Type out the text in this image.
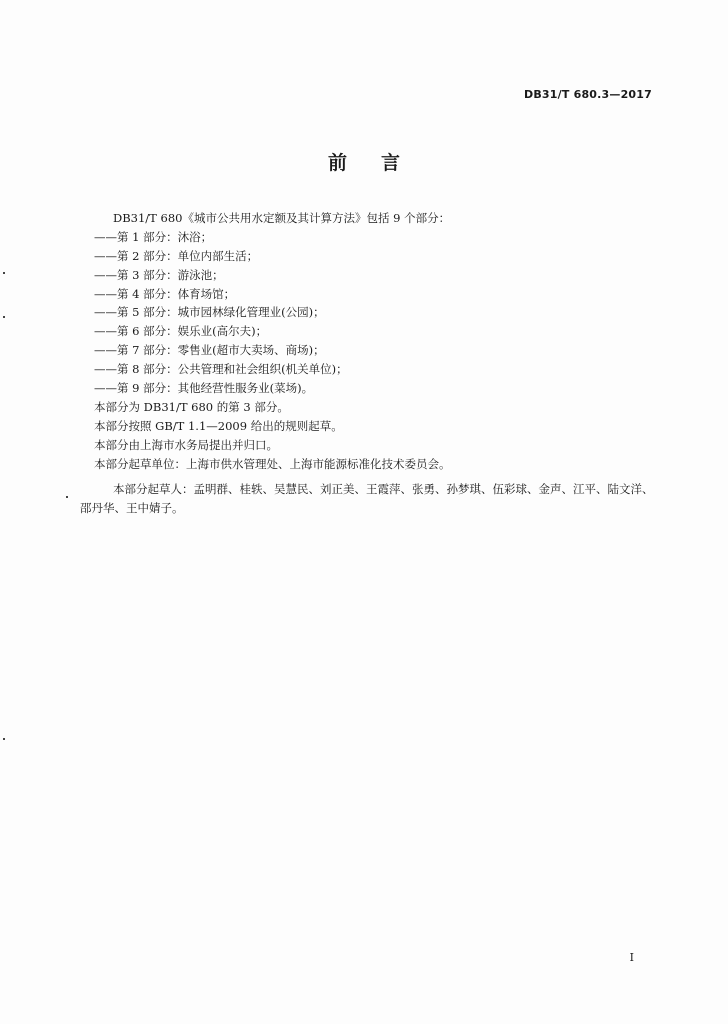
DB31/T 680.3—2017
前 言
DB31/T 680《城市公共用水定额及其计算方法》包括 9 个部分：
——第 1 部分：沐浴；
——第 2 部分：单位内部生活；
——第 3 部分：游泳池；
——第 4 部分：体育场馆；
——第 5 部分：城市园林绿化管理业(公园)；
——第 6 部分：娱乐业(高尔夫)；
——第 7 部分：零售业(超市大卖场、商场)；
——第 8 部分：公共管理和社会组织(机关单位)；
——第 9 部分：其他经营性服务业(菜场)。
本部分为 DB31/T 680 的第 3 部分。
本部分按照 GB/T 1.1—2009 给出的规则起草。
本部分由上海市水务局提出并归口。
本部分起草单位：上海市供水管理处、上海市能源标准化技术委员会。
本部分起草人：孟明群、桂轶、吴慧民、刘正美、王霞萍、张勇、孙梦琪、伍彩球、金声、江平、陆文洋、
邵丹华、王中婧子。
I
